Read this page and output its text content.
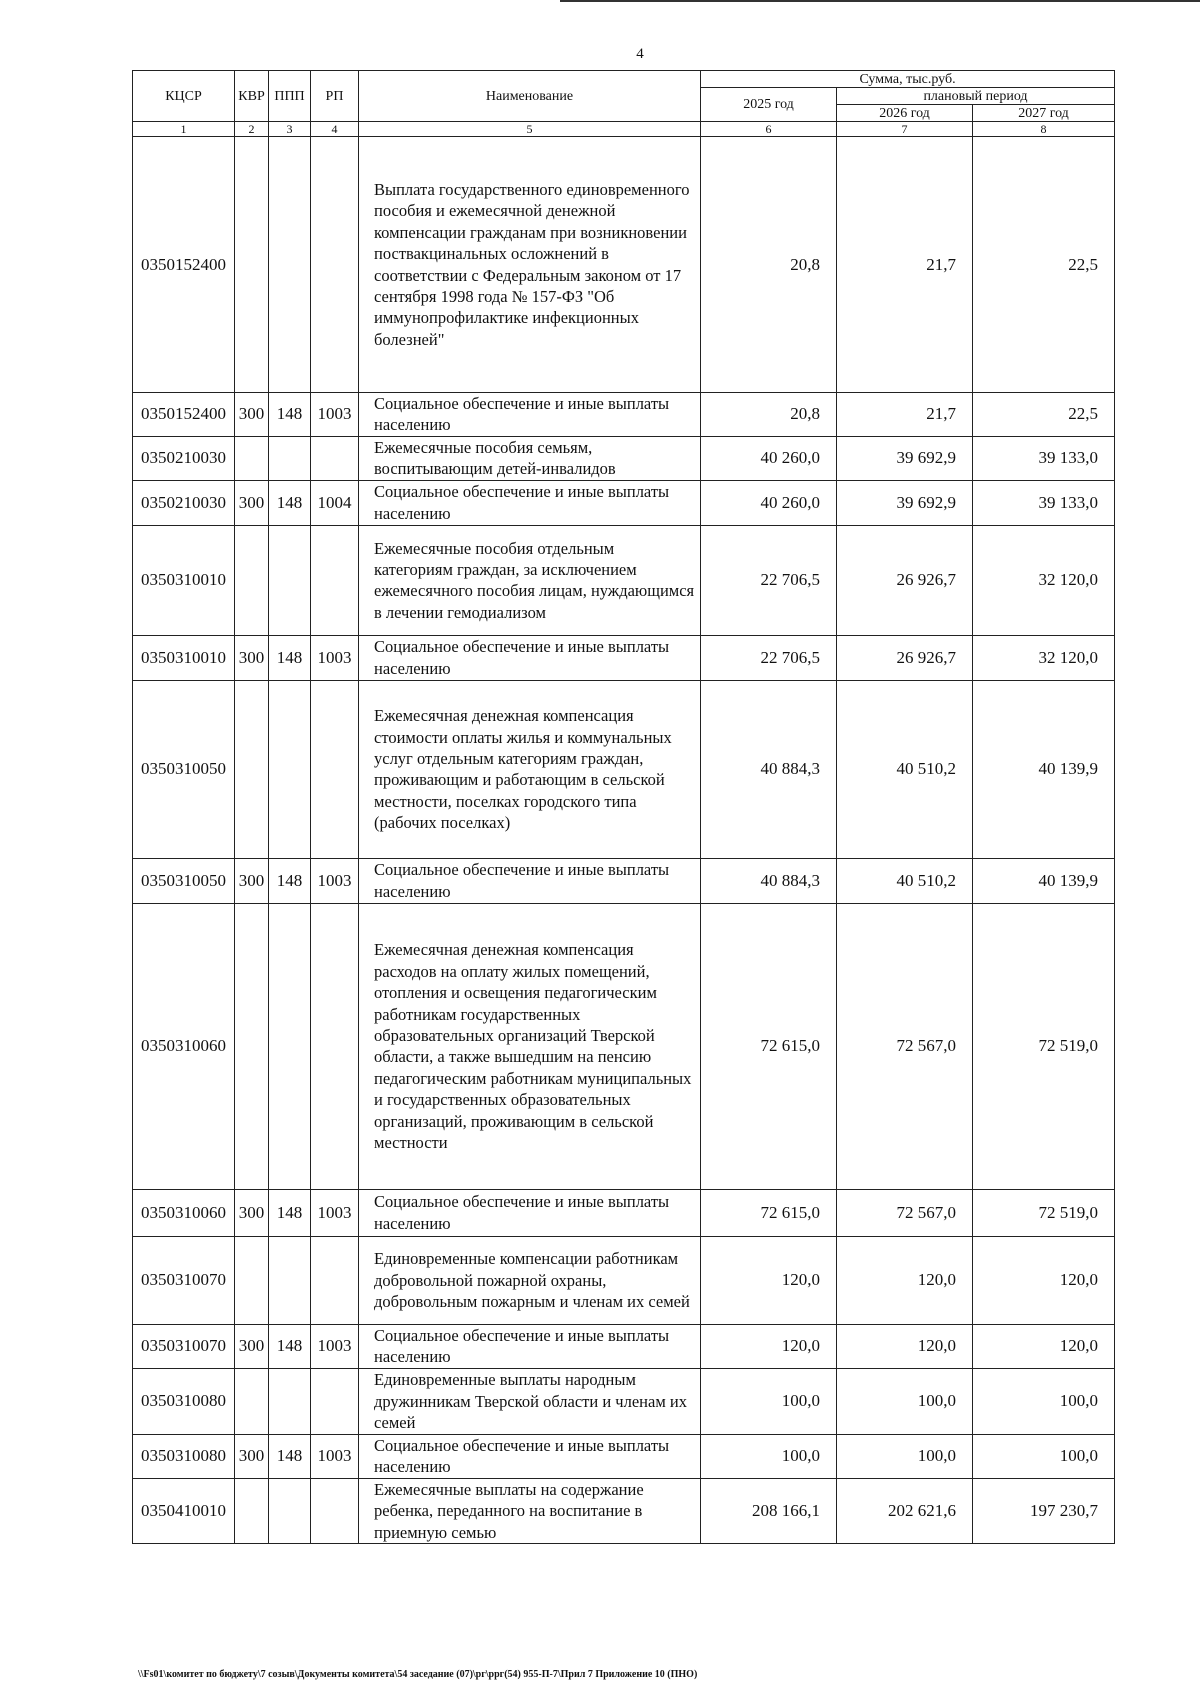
4
КЦСР	КВР	ППП	РП	Наименование	Сумма, тыс.руб.		
					2025 год	плановый период	
						2026 год	2027 год
1	2	3	4	5	6	7	8
0350152400				Выплата государственного единовременного пособия и ежемесячной денежной компенсации гражданам при возникновении поствакцинальных осложнений в соответствии с Федеральным законом от 17 сентября 1998 года № 157-ФЗ "Об иммунопрофилактике инфекционных болезней"	20,8	21,7	22,5
0350152400	300	148	1003	Социальное обеспечение и иные выплаты населению	20,8	21,7	22,5
0350210030				Ежемесячные пособия семьям, воспитывающим детей-инвалидов	40 260,0	39 692,9	39 133,0
0350210030	300	148	1004	Социальное обеспечение и иные выплаты населению	40 260,0	39 692,9	39 133,0
0350310010				Ежемесячные пособия отдельным категориям граждан, за исключением ежемесячного пособия лицам, нуждающимся в лечении гемодиализом	22 706,5	26 926,7	32 120,0
0350310010	300	148	1003	Социальное обеспечение и иные выплаты населению	22 706,5	26 926,7	32 120,0
0350310050				Ежемесячная денежная компенсация стоимости оплаты жилья и коммунальных услуг отдельным категориям граждан, проживающим и работающим в сельской местности, поселках городского типа (рабочих поселках)	40 884,3	40 510,2	40 139,9
0350310050	300	148	1003	Социальное обеспечение и иные выплаты населению	40 884,3	40 510,2	40 139,9
0350310060				Ежемесячная денежная компенсация расходов на оплату жилых помещений, отопления и освещения педагогическим работникам государственных образовательных организаций Тверской области, а также вышедшим на пенсию педагогическим работникам муниципальных и государственных образовательных организаций, проживающим в сельской местности	72 615,0	72 567,0	72 519,0
0350310060	300	148	1003	Социальное обеспечение и иные выплаты населению	72 615,0	72 567,0	72 519,0
0350310070				Единовременные компенсации работникам добровольной пожарной охраны, добровольным пожарным и членам их семей	120,0	120,0	120,0
0350310070	300	148	1003	Социальное обеспечение и иные выплаты населению	120,0	120,0	120,0
0350310080				Единовременные выплаты народным дружинникам Тверской области и членам их семей	100,0	100,0	100,0
0350310080	300	148	1003	Социальное обеспечение и иные выплаты населению	100,0	100,0	100,0
0350410010				Ежемесячные выплаты на содержание ребенка, переданного на воспитание в приемную семью	208 166,1	202 621,6	197 230,7
\\Fs01\комитет по бюджету\7 созыв\Документы комитета\54 заседание (07)\рг\ррг(54) 955-П-7\Прил 7 Приложение 10 (ПНО)
